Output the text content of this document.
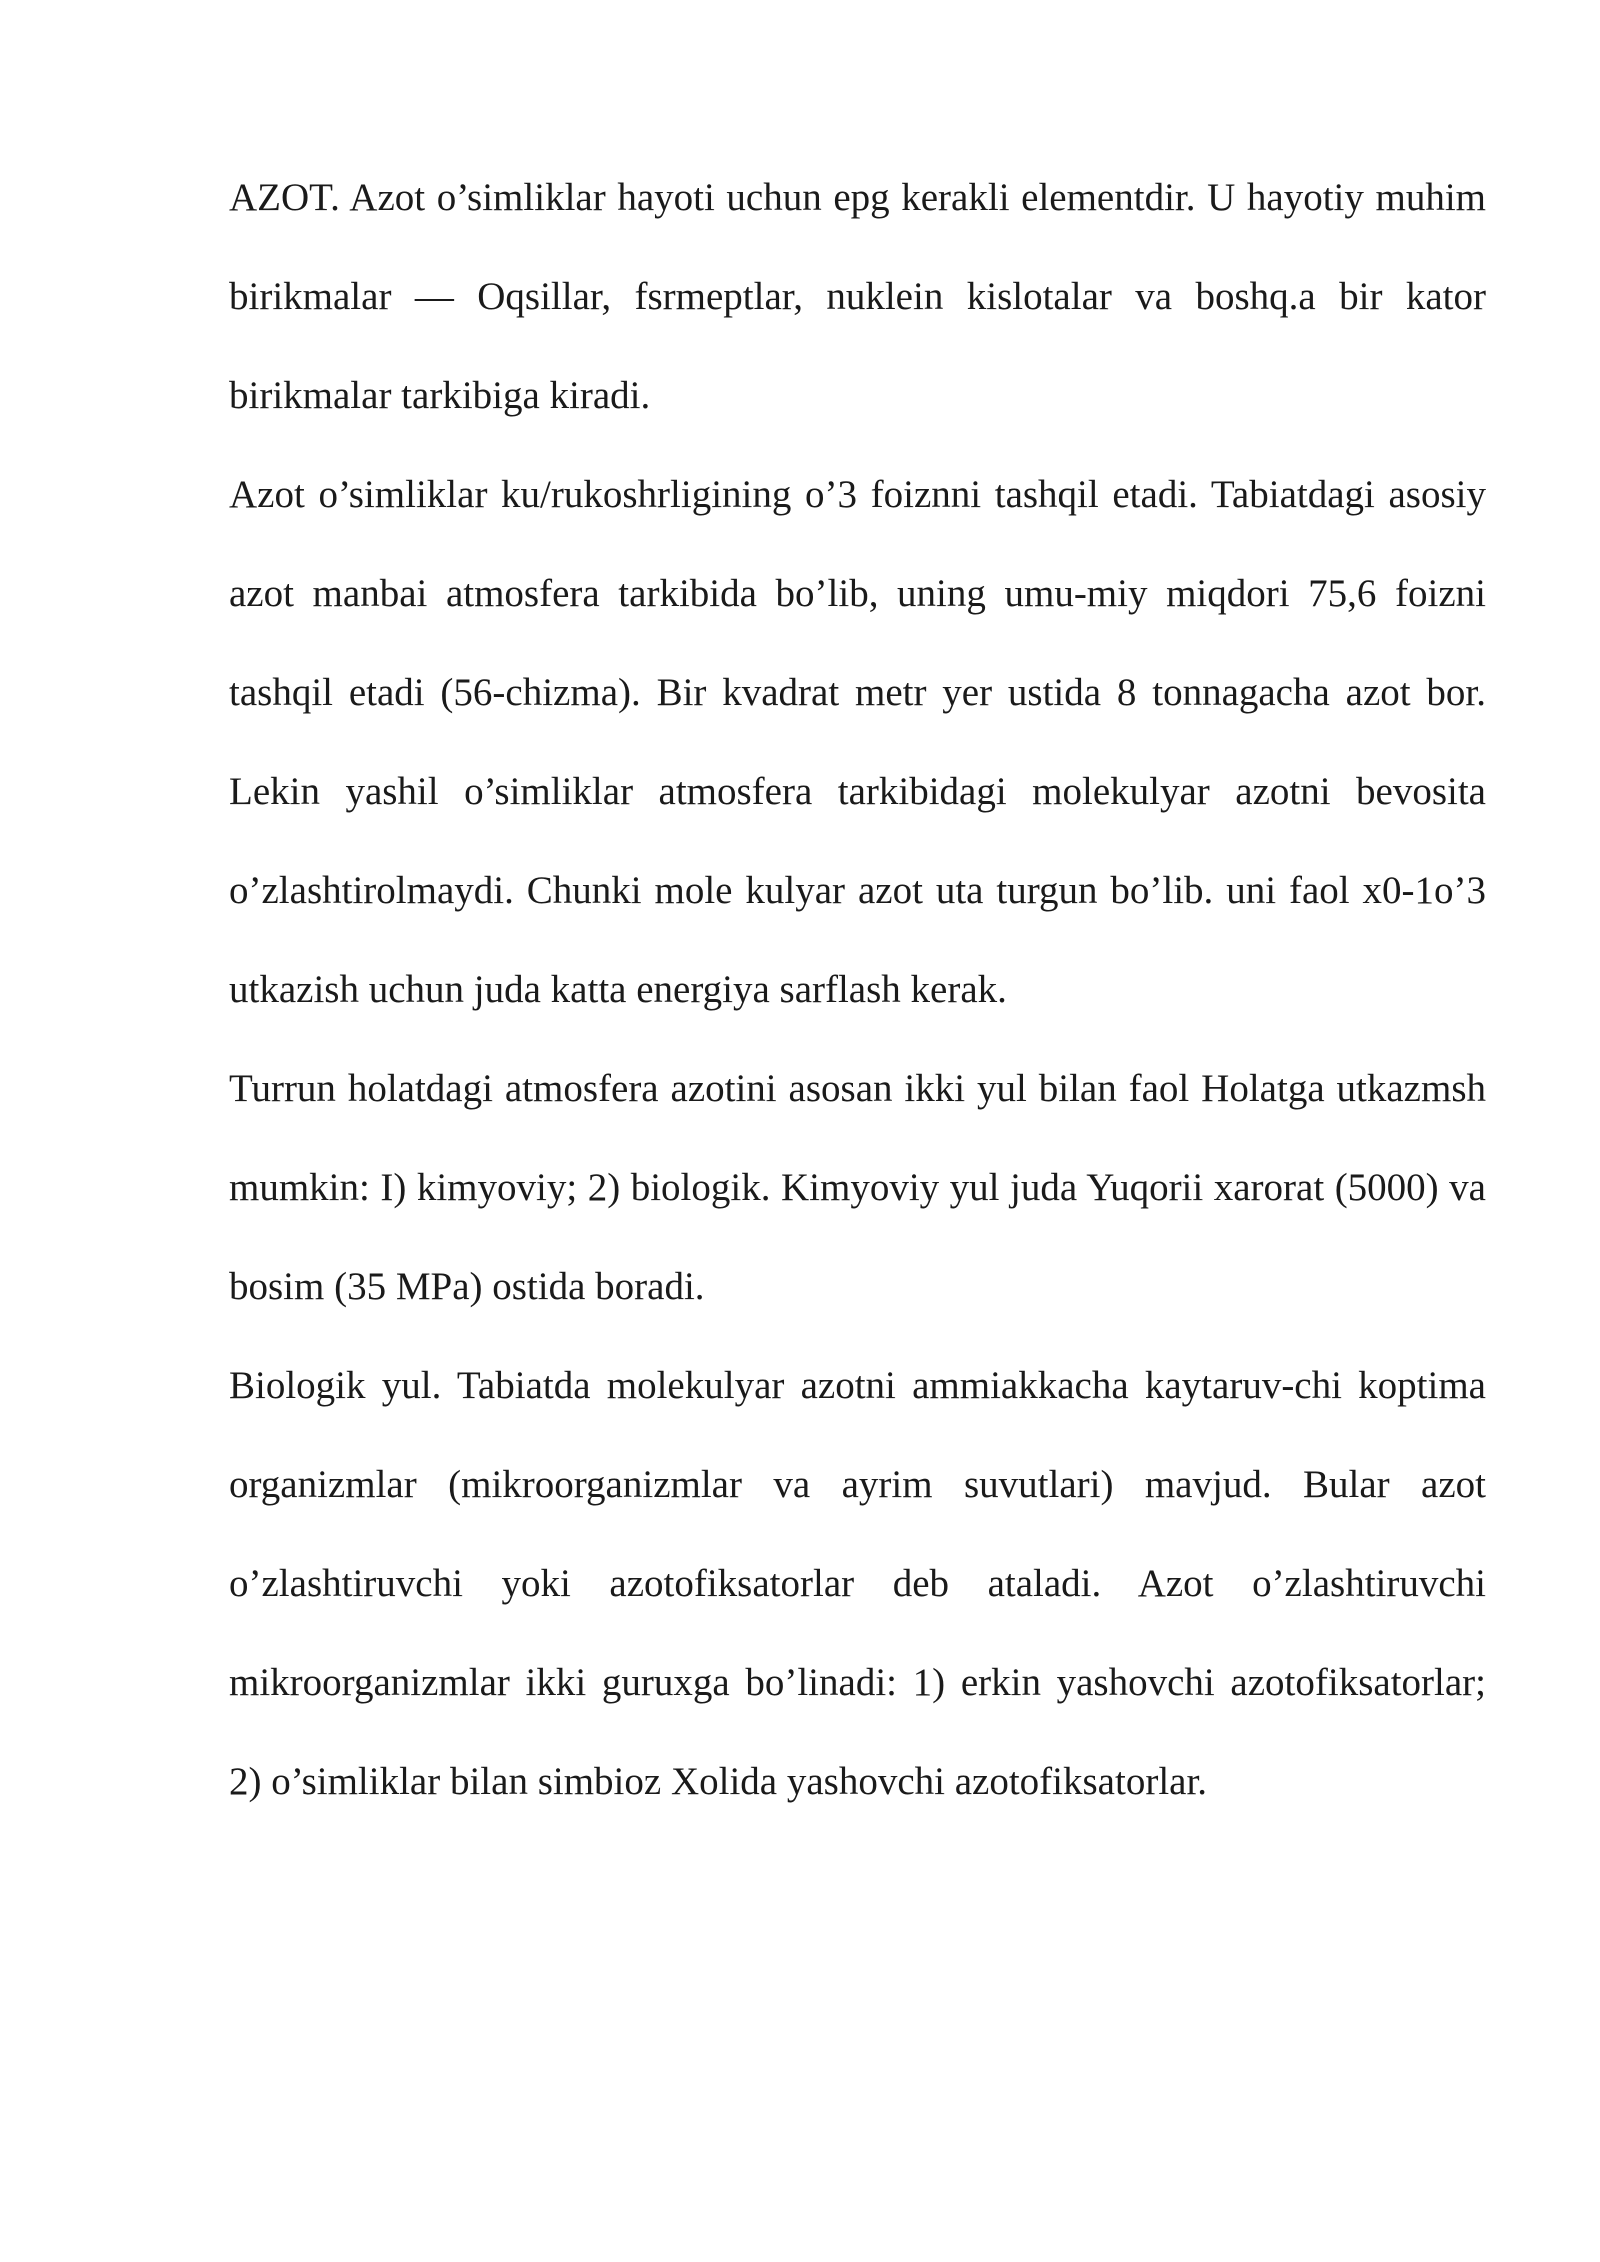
AZOT. Azot o’simliklar hayoti uchun epg kerakli elementdir. U hayotiy muhim birikmalar — Oqsillar, fsrmeptlar, nuklein kislotalar va boshq.a bir kator birikmalar tarkibiga kiradi.

Azot o’simliklar ku/rukoshrligining o’3 foiznni tashqil etadi. Tabiatdagi asosiy azot manbai atmosfera tarkibida bo’lib, uning umu-miy miqdori 75,6 foizni tashqil etadi (56-chizma). Bir kvadrat metr yer ustida 8 tonnagacha azot bor. Lekin yashil o’simliklar atmosfera tarkibidagi molekulyar azotni bevosita o’zlashtirolmaydi. Chunki mole kulyar azot uta turgun bo’lib. uni faol x0-1o’3 utkazish uchun juda katta energiya sarflash kerak.

Turrun holatdagi atmosfera azotini asosan ikki yul bilan faol Holatga utkazmsh mumkin: I) kimyoviy; 2) biologik. Kimyoviy yul juda Yuqorii xarorat (5000) va bosim (35 MPa) ostida boradi.

Biologik yul. Tabiatda molekulyar azotni ammiakkacha kaytaruv-chi koptima organizmlar (mikroorganizmlar va ayrim suvutlari) mavjud. Bular azot o’zlashtiruvchi yoki azotofiksatorlar deb ataladi. Azot o’zlashtiruvchi mikroorganizmlar ikki guruxga bo’linadi: 1) erkin yashovchi azotofiksatorlar; 2) o’simliklar bilan simbioz Xolida yashovchi azotofiksatorlar.
